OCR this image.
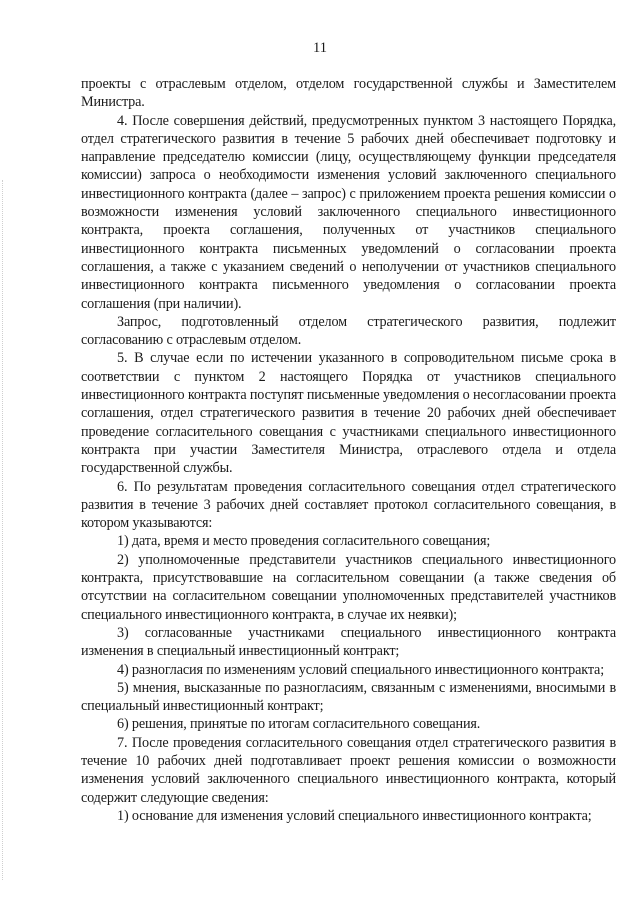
11

проекты с отраслевым отделом, отделом государственной службы и Заместителем Министра.

4. После совершения действий, предусмотренных пунктом 3 настоящего Порядка, отдел стратегического развития в течение 5 рабочих дней обеспечивает подготовку и направление председателю комиссии (лицу, осуществляющему функции председателя комиссии) запроса о необходимости изменения условий заключенного специального инвестиционного контракта (далее – запрос) с приложением проекта решения комиссии о возможности изменения условий заключенного специального инвестиционного контракта, проекта соглашения, полученных от участников специального инвестиционного контракта письменных уведомлений о согласовании проекта соглашения, а также с указанием сведений о неполучении от участников специального инвестиционного контракта письменного уведомления о согласовании проекта соглашения (при наличии).

Запрос, подготовленный отделом стратегического развития, подлежит согласованию с отраслевым отделом.

5. В случае если по истечении указанного в сопроводительном письме срока в соответствии с пунктом 2 настоящего Порядка от участников специального инвестиционного контракта поступят письменные уведомления о несогласовании проекта соглашения, отдел стратегического развития в течение 20 рабочих дней обеспечивает проведение согласительного совещания с участниками специального инвестиционного контракта при участии Заместителя Министра, отраслевого отдела и отдела государственной службы.

6. По результатам проведения согласительного совещания отдел стратегического развития в течение 3 рабочих дней составляет протокол согласительного совещания, в котором указываются:

1) дата, время и место проведения согласительного совещания;

2) уполномоченные представители участников специального инвестиционного контракта, присутствовавшие на согласительном совещании (а также сведения об отсутствии на согласительном совещании уполномоченных представителей участников специального инвестиционного контракта, в случае их неявки);

3) согласованные участниками специального инвестиционного контракта изменения в специальный инвестиционный контракт;

4) разногласия по изменениям условий специального инвестиционного контракта;

5) мнения, высказанные по разногласиям, связанным с изменениями, вносимыми в специальный инвестиционный контракт;

6) решения, принятые по итогам согласительного совещания.

7. После проведения согласительного совещания отдел стратегического развития в течение 10 рабочих дней подготавливает проект решения комиссии о возможности изменения условий заключенного специального инвестиционного контракта, который содержит следующие сведения:

1) основание для изменения условий специального инвестиционного контракта;
